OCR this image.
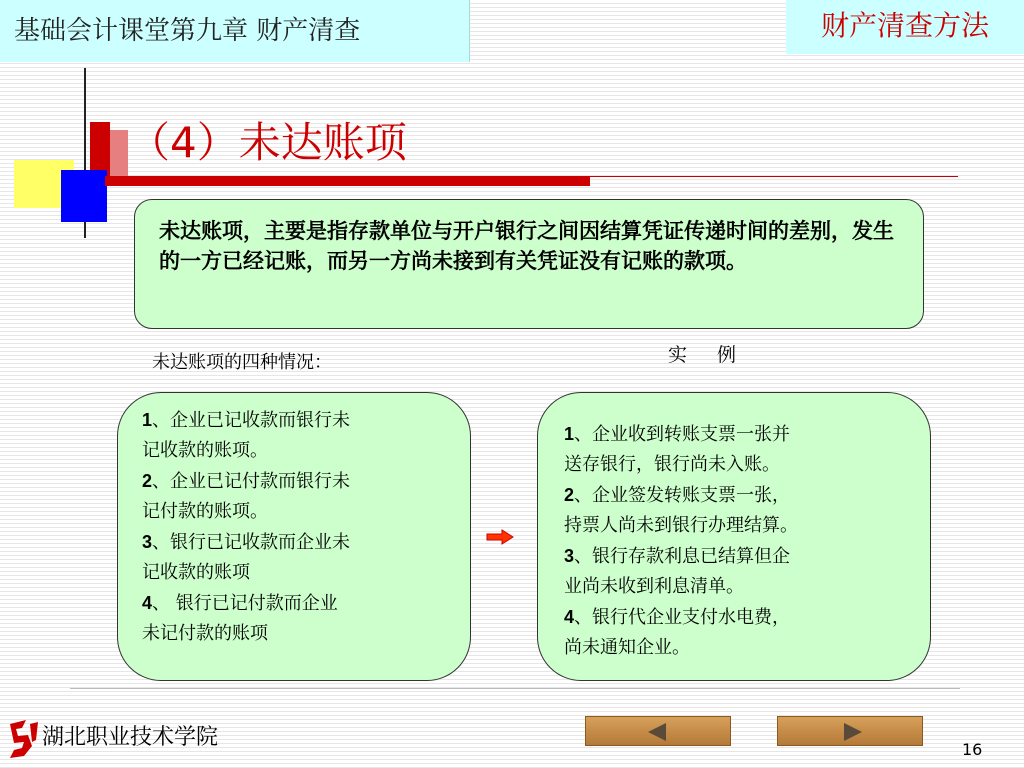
基础会计课堂第九章 财产清查	财产清查方法
（4）未达账项
未达账项，主要是指存款单位与开户银行之间因结算凭证传递时间的差别，发生的一方已经记账，而另一方尚未接到有关凭证没有记账的款项。
未达账项的四种情况：	实例
1、企业已记收款而银行未
记收款的账项。
2、企业已记付款而银行未
记付款的账项。
3、银行已记收款而企业未
记收款的账项
4、 银行已记付款而企业
未记付款的账项
1、企业收到转账支票一张并
送存银行，银行尚未入账。
2、企业签发转账支票一张，
持票人尚未到银行办理结算。
3、银行存款利息已结算但企
业尚未收到利息清单。
4、银行代企业支付水电费，
尚未通知企业。
湖北职业技术学院	16
